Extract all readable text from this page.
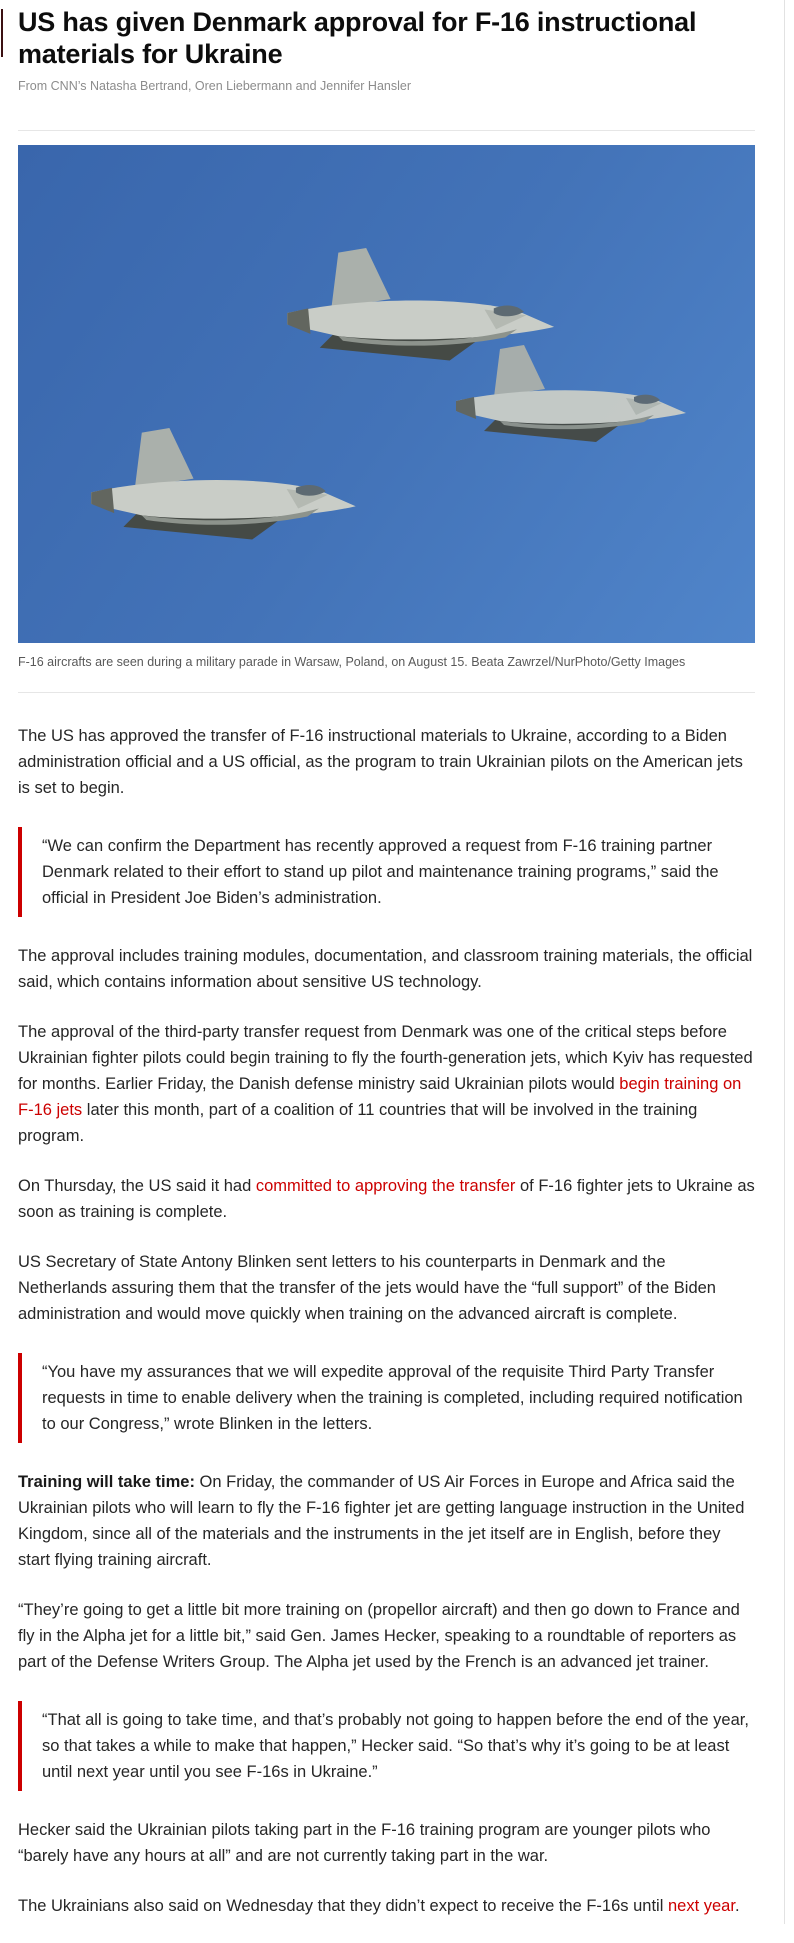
US has given Denmark approval for F-16 instructional materials for Ukraine
From CNN’s Natasha Bertrand, Oren Liebermann and Jennifer Hansler
F-16 aircrafts are seen during a military parade in Warsaw, Poland, on August 15. Beata Zawrzel/NurPhoto/Getty Images

The US has approved the transfer of F-16 instructional materials to Ukraine, according to a Biden administration official and a US official, as the program to train Ukrainian pilots on the American jets is set to begin.

“We can confirm the Department has recently approved a request from F-16 training partner Denmark related to their effort to stand up pilot and maintenance training programs,” said the official in President Joe Biden’s administration.

The approval includes training modules, documentation, and classroom training materials, the official said, which contains information about sensitive US technology.

The approval of the third-party transfer request from Denmark was one of the critical steps before Ukrainian fighter pilots could begin training to fly the fourth-generation jets, which Kyiv has requested for months. Earlier Friday, the Danish defense ministry said Ukrainian pilots would begin training on F-16 jets later this month, part of a coalition of 11 countries that will be involved in the training program.

On Thursday, the US said it had committed to approving the transfer of F-16 fighter jets to Ukraine as soon as training is complete.

US Secretary of State Antony Blinken sent letters to his counterparts in Denmark and the Netherlands assuring them that the transfer of the jets would have the “full support” of the Biden administration and would move quickly when training on the advanced aircraft is complete.

“You have my assurances that we will expedite approval of the requisite Third Party Transfer requests in time to enable delivery when the training is completed, including required notification to our Congress,” wrote Blinken in the letters.

Training will take time: On Friday, the commander of US Air Forces in Europe and Africa said the Ukrainian pilots who will learn to fly the F-16 fighter jet are getting language instruction in the United Kingdom, since all of the materials and the instruments in the jet itself are in English, before they start flying training aircraft.

“They’re going to get a little bit more training on (propellor aircraft) and then go down to France and fly in the Alpha jet for a little bit,” said Gen. James Hecker, speaking to a roundtable of reporters as part of the Defense Writers Group. The Alpha jet used by the French is an advanced jet trainer.

“That all is going to take time, and that’s probably not going to happen before the end of the year, so that takes a while to make that happen,” Hecker said. “So that’s why it’s going to be at least until next year until you see F-16s in Ukraine.”

Hecker said the Ukrainian pilots taking part in the F-16 training program are younger pilots who “barely have any hours at all” and are not currently taking part in the war.

The Ukrainians also said on Wednesday that they didn’t expect to receive the F-16s until next year.
